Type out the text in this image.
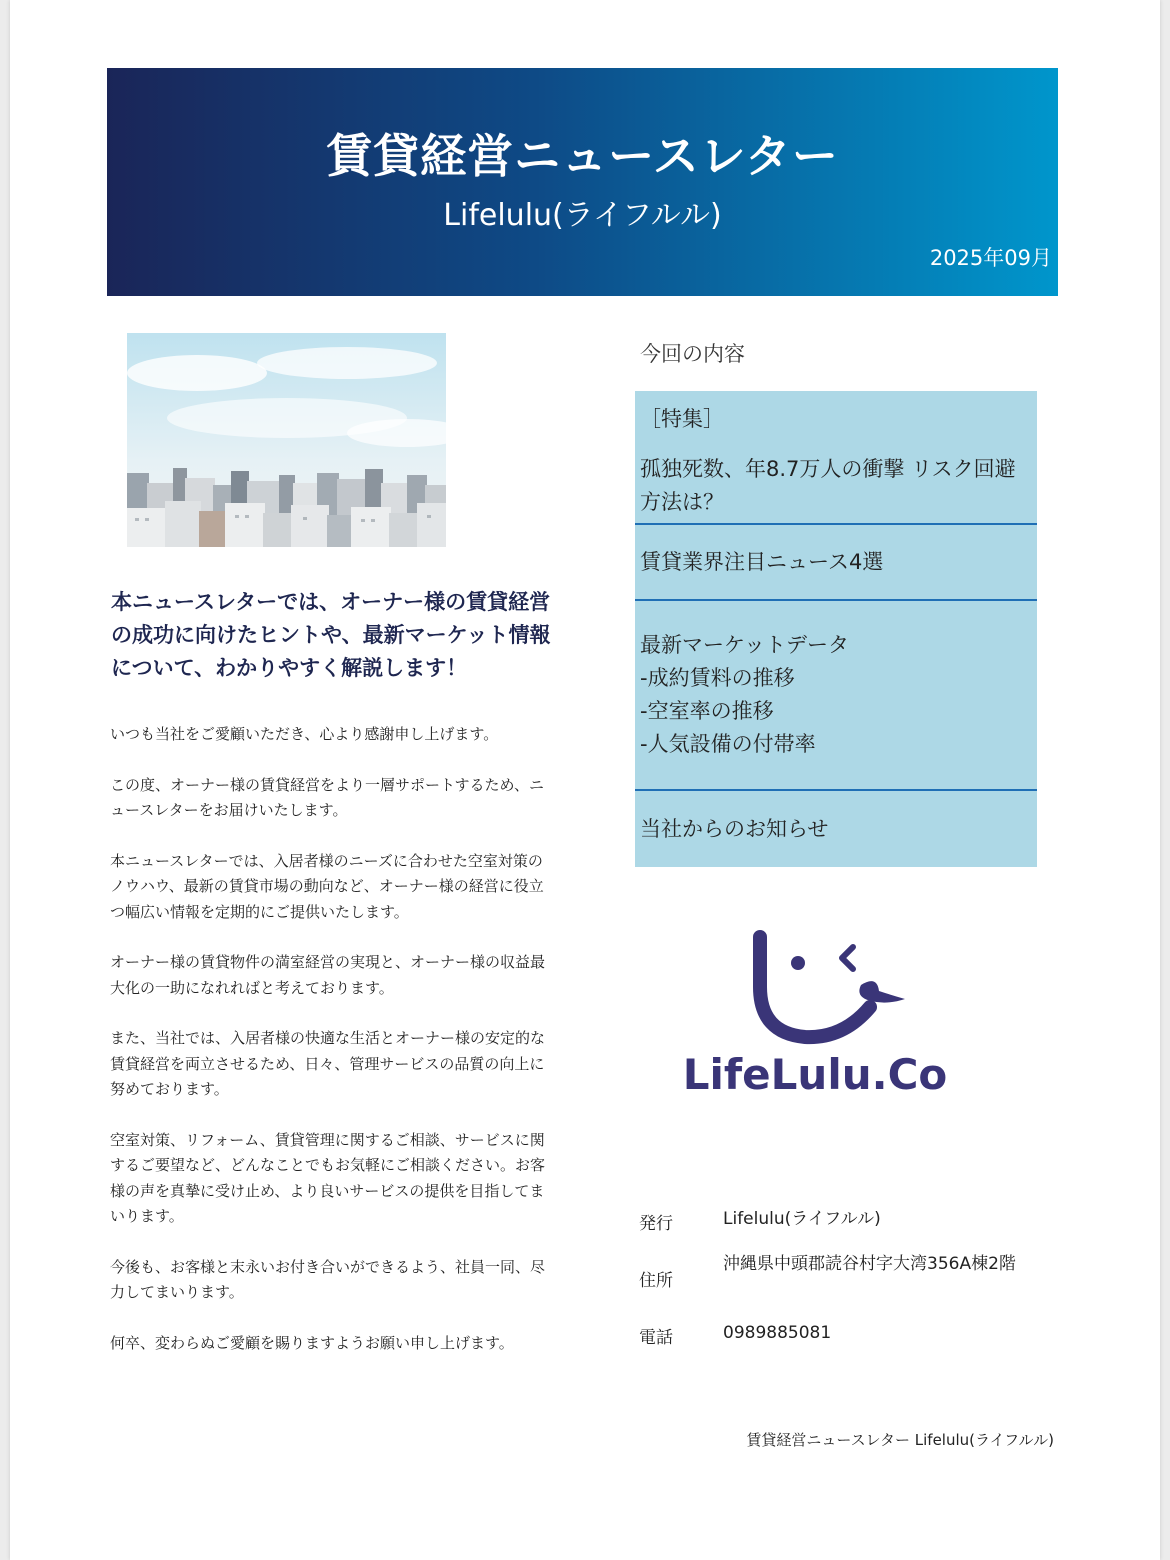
賃貸経営ニュースレター
Lifelulu(ライフルル)
2025年09月
本ニュースレターでは、オーナー様の賃貸経営の成功に向けたヒントや、最新マーケット情報について、わかりやすく解説します！

いつも当社をご愛顧いただき、心より感謝申し上げます。

この度、オーナー様の賃貸経営をより一層サポートするため、ニュースレターをお届けいたします。

本ニュースレターでは、入居者様のニーズに合わせた空室対策のノウハウ、最新の賃貸市場の動向など、オーナー様の経営に役立つ幅広い情報を定期的にご提供いたします。

オーナー様の賃貸物件の満室経営の実現と、オーナー様の収益最大化の一助になれればと考えております。

また、当社では、入居者様の快適な生活とオーナー様の安定的な賃貸経営を両立させるため、日々、管理サービスの品質の向上に努めております。

空室対策、リフォーム、賃貸管理に関するご相談、サービスに関するご要望など、どんなことでもお気軽にご相談ください。お客様の声を真摯に受け止め、より良いサービスの提供を目指してまいります。

今後も、お客様と末永いお付き合いができるよう、社員一同、尽力してまいります。

何卒、変わらぬご愛顧を賜りますようお願い申し上げます。

今回の内容
［特集］
孤独死数、年8.7万人の衝撃 リスク回避方法は？
賃貸業界注目ニュース4選
最新マーケットデータ
-成約賃料の推移
-空室率の推移
-人気設備の付帯率
当社からのお知らせ
LifeLulu.Co
発行	Lifelulu(ライフルル)
住所
沖縄県中頭郡読谷村字大湾356A棟2階
電話	0989885081
賃貸経営ニュースレター Lifelulu(ライフルル)
